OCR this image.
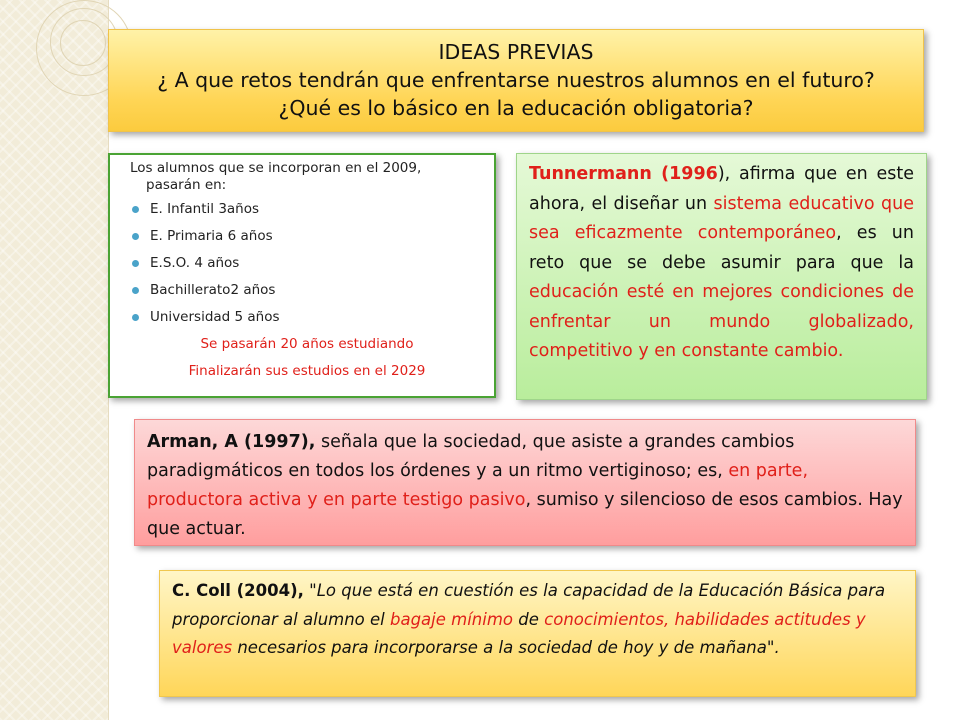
IDEAS PREVIAS
¿ A que retos tendrán que enfrentarse nuestros alumnos en el futuro?
¿Qué es lo básico en la educación obligatoria?

Los alumnos que se incorporan en el 2009,
pasarán en:

E. Infantil 3años
E. Primaria 6 años
E.S.O. 4 años
Bachillerato2 años
Universidad 5 años
Se pasarán 20 años estudiando
Finalizarán sus estudios en el 2029
Tunnermann (1996), afirma que en este ahora, el diseñar un sistema educativo que sea eficazmente contemporáneo, es un reto que se debe asumir para que la educación esté en mejores condiciones de enfrentar un mundo globalizado, competitivo y en constante cambio.
Arman, A (1997), señala que la sociedad, que asiste a grandes cambios paradigmáticos en todos los órdenes y a un ritmo vertiginoso; es, en parte, productora activa y en parte testigo pasivo, sumiso y silencioso de esos cambios. Hay que actuar.
C. Coll (2004), "Lo que está en cuestión es la capacidad de la Educación Básica para proporcionar al alumno el bagaje mínimo de conocimientos, habilidades actitudes y valores necesarios para incorporarse a la sociedad de hoy y de mañana".
